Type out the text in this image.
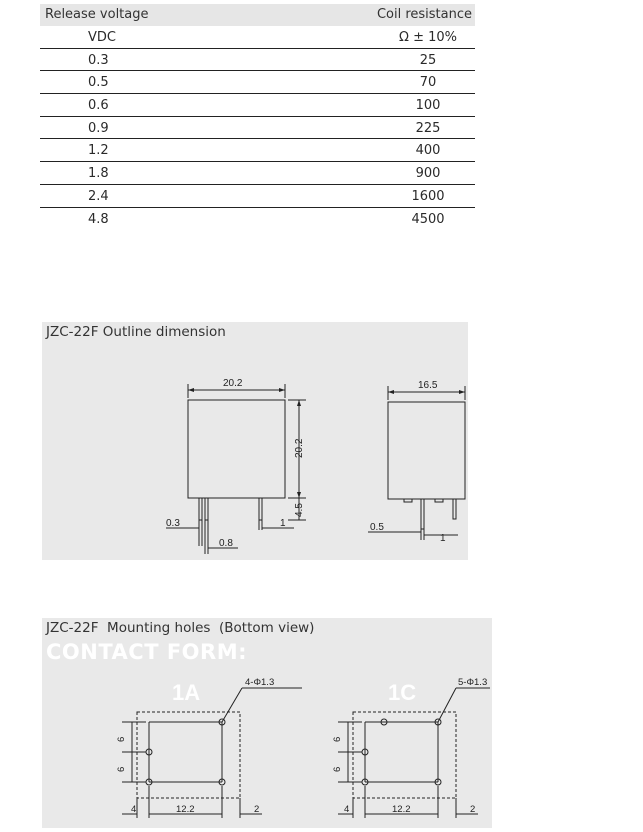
Release voltage	Coil resistance
VDC	Ω ± 10%
0.3	25
0.5	70
0.6	100
0.9	225
1.2	400
1.8	900
2.4	1600
4.8	4500
JZC-22F Outline dimension
20.2
20.2
4.5
0.3	1
0.8
16.5
0.5
1
JZC-22F  Mounting holes  (Bottom view)
CONTACT FORM:
1A	1C
4-Φ1.3
6
6
4	12.2	2
5-Φ1.3
6
6
4	12.2	2
